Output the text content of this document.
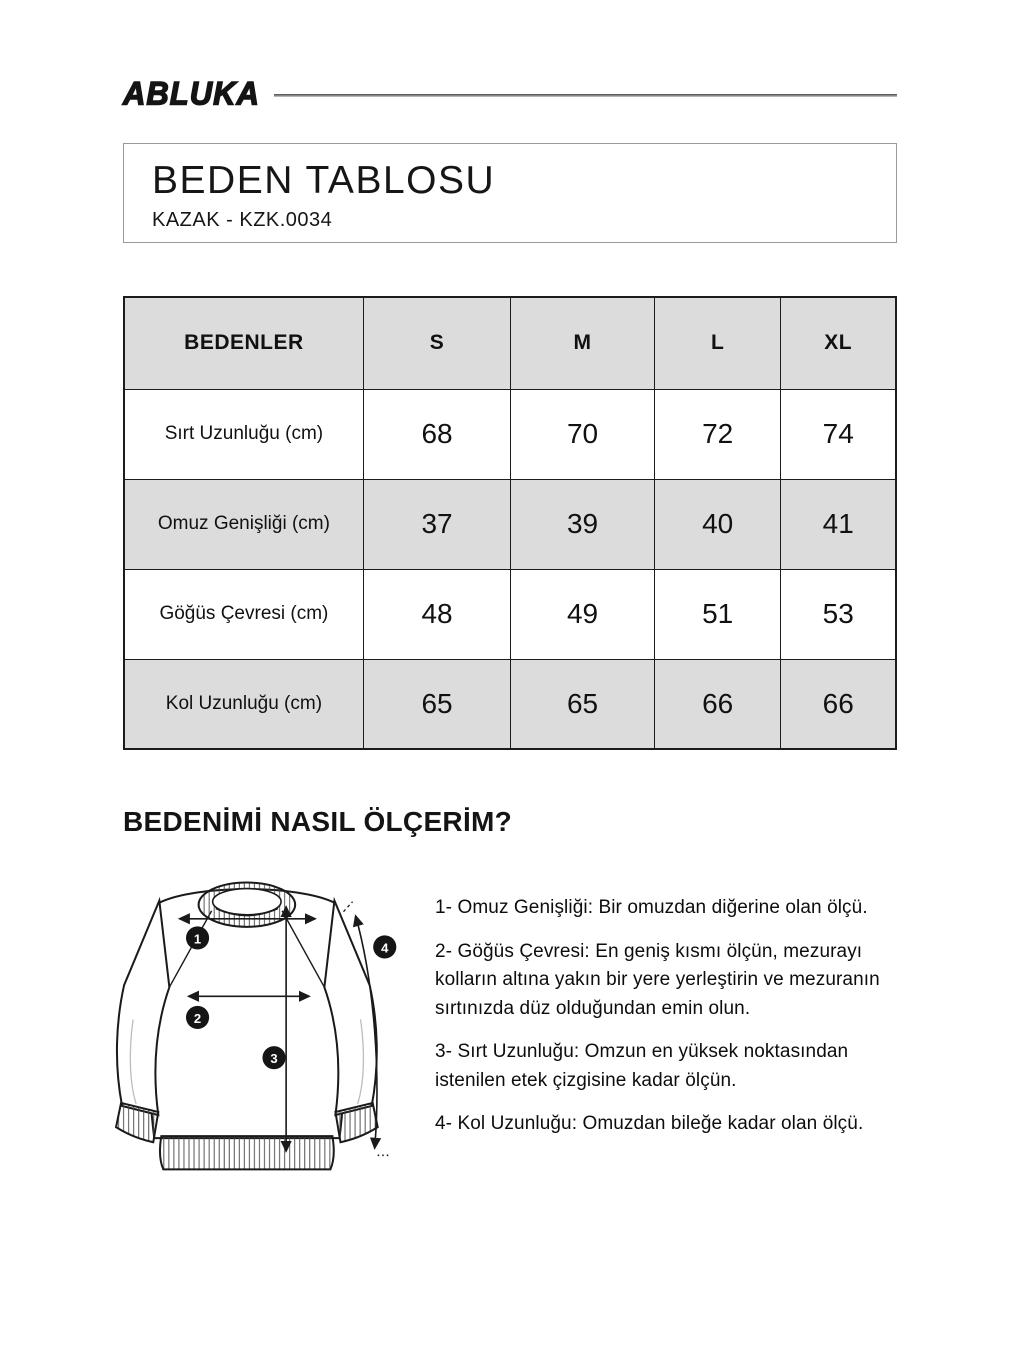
ABLUKA
BEDEN TABLOSU
KAZAK - KZK.0034
BEDENLER	S	M	L	XL
Sırt Uzunluğu (cm)	68	70	72	74
Omuz Genişliği (cm)	37	39	40	41
Göğüs Çevresi (cm)	48	49	51	53
Kol Uzunluğu (cm)	65	65	66	66
BEDENİMİ NASIL ÖLÇERİM?
1
2
3
4

1- Omuz Genişliği: Bir omuzdan diğerine olan ölçü.

2- Göğüs Çevresi: En geniş kısmı ölçün, mezurayı kolların altına yakın bir yere yerleştirin ve mezuranın sırtınızda düz olduğundan emin olun.

3- Sırt Uzunluğu: Omzun en yüksek noktasından istenilen etek çizgisine kadar ölçün.

4- Kol Uzunluğu: Omuzdan bileğe kadar olan ölçü.
